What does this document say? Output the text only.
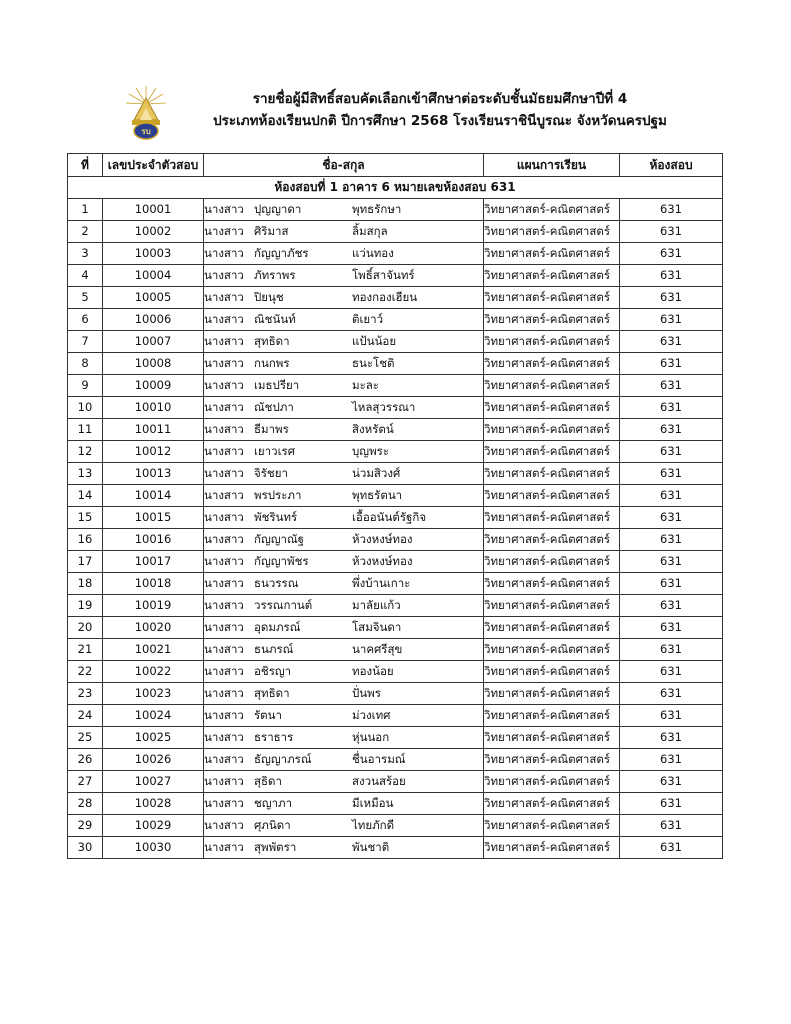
รบ
รายชื่อผู้มีสิทธิ์สอบคัดเลือกเข้าศึกษาต่อระดับชั้นมัธยมศึกษาปีที่ 4
ประเภทห้องเรียนปกติ ปีการศึกษา 2568 โรงเรียนราชินีบูรณะ จังหวัดนครปฐม
ที่	เลขประจำตัวสอบ	ชื่อ-สกุล	แผนการเรียน	ห้องสอบ
ห้องสอบที่ 1 อาคาร 6 หมายเลขห้องสอบ 631				
1	10001	นางสาว ปุญญาดา พุทธรักษา	วิทยาศาสตร์-คณิตศาสตร์	631
2	10002	นางสาว ศิริมาส ลิ้มสกุล	วิทยาศาสตร์-คณิตศาสตร์	631
3	10003	นางสาว กัญญาภัชร แว่นทอง	วิทยาศาสตร์-คณิตศาสตร์	631
4	10004	นางสาว ภัทราพร โพธิ์สาจันทร์	วิทยาศาสตร์-คณิตศาสตร์	631
5	10005	นางสาว ปิยนุช ทองกองเฮียน	วิทยาศาสตร์-คณิตศาสตร์	631
6	10006	นางสาว ณิชนันท์ ติเยาว์	วิทยาศาสตร์-คณิตศาสตร์	631
7	10007	นางสาว สุทธิดา แป้นน้อย	วิทยาศาสตร์-คณิตศาสตร์	631
8	10008	นางสาว กนกพร ธนะโชติ	วิทยาศาสตร์-คณิตศาสตร์	631
9	10009	นางสาว เมธปรียา มะละ	วิทยาศาสตร์-คณิตศาสตร์	631
10	10010	นางสาว ณัชปภา ไหลสุวรรณา	วิทยาศาสตร์-คณิตศาสตร์	631
11	10011	นางสาว ธีมาพร สิงหรัตน์	วิทยาศาสตร์-คณิตศาสตร์	631
12	10012	นางสาว เยาวเรศ บุญพระ	วิทยาศาสตร์-คณิตศาสตร์	631
13	10013	นางสาว จิรัชยา น่วมสิวงศ์	วิทยาศาสตร์-คณิตศาสตร์	631
14	10014	นางสาว พรประภา พุทธรัตนา	วิทยาศาสตร์-คณิตศาสตร์	631
15	10015	นางสาว พัชรินทร์ เอื้ออนันต์รัฐกิจ	วิทยาศาสตร์-คณิตศาสตร์	631
16	10016	นางสาว กัญญาณัฐ ห้วงหงษ์ทอง	วิทยาศาสตร์-คณิตศาสตร์	631
17	10017	นางสาว กัญญาพัชร ห้วงหงษ์ทอง	วิทยาศาสตร์-คณิตศาสตร์	631
18	10018	นางสาว ธนวรรณ พึ่งบ้านเกาะ	วิทยาศาสตร์-คณิตศาสตร์	631
19	10019	นางสาว วรรณกานต์ มาลัยแก้ว	วิทยาศาสตร์-คณิตศาสตร์	631
20	10020	นางสาว อุดมภรณ์ โสมจินดา	วิทยาศาสตร์-คณิตศาสตร์	631
21	10021	นางสาว ธนภรณ์ นาคศรีสุข	วิทยาศาสตร์-คณิตศาสตร์	631
22	10022	นางสาว อชิรญา ทองน้อย	วิทยาศาสตร์-คณิตศาสตร์	631
23	10023	นางสาว สุทธิดา ปั่นพร	วิทยาศาสตร์-คณิตศาสตร์	631
24	10024	นางสาว รัตนา ม่วงเทศ	วิทยาศาสตร์-คณิตศาสตร์	631
25	10025	นางสาว ธราธาร หุ่นนอก	วิทยาศาสตร์-คณิตศาสตร์	631
26	10026	นางสาว ธัญญาภรณ์ ชื่นอารมณ์	วิทยาศาสตร์-คณิตศาสตร์	631
27	10027	นางสาว สุธิดา สงวนสร้อย	วิทยาศาสตร์-คณิตศาสตร์	631
28	10028	นางสาว ชญาภา มีเหมือน	วิทยาศาสตร์-คณิตศาสตร์	631
29	10029	นางสาว ศุภนิดา ไทยภักดี	วิทยาศาสตร์-คณิตศาสตร์	631
30	10030	นางสาว สุพพัตรา พันชาติ	วิทยาศาสตร์-คณิตศาสตร์	631
